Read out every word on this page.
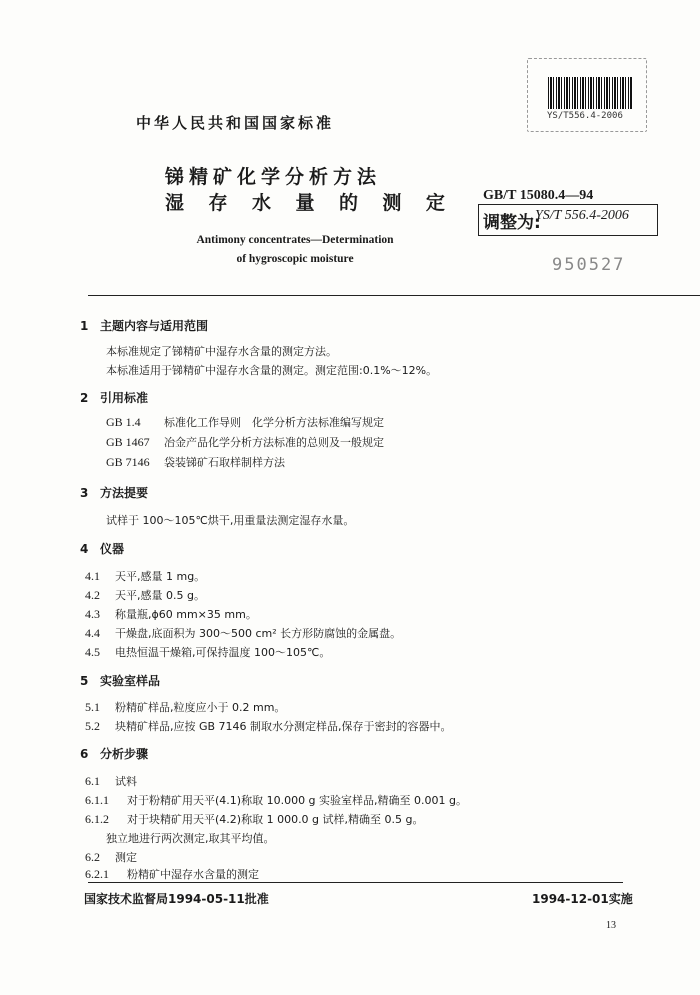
YS/T556.4-2006
中华人民共和国国家标准
锑精矿化学分析方法
湿 存 水 量 的 测 定	GB/T 15080.4—94
调整为:
YS/T 556.4-2006
Antimony concentrates—Determination
of hygroscopic moisture	950527
1 主题内容与适用范围
本标准规定了锑精矿中湿存水含量的测定方法。
本标准适用于锑精矿中湿存水含量的测定。测定范围:0.1%～12%。
2 引用标准
GB 1.4 标准化工作导则　化学分析方法标准编写规定
GB 1467 冶金产品化学分析方法标准的总则及一般规定
GB 7146 袋装锑矿石取样制样方法
3 方法提要
试样于 100～105℃烘干,用重量法测定湿存水量。
4 仪器
4.1 天平,感量 1 mg。
4.2 天平,感量 0.5 g。
4.3 称量瓶,ϕ60 mm×35 mm。
4.4 干燥盘,底面积为 300～500 cm² 长方形防腐蚀的金属盘。
4.5 电热恒温干燥箱,可保持温度 100～105℃。
5 实验室样品
5.1 粉精矿样品,粒度应小于 0.2 mm。
5.2 块精矿样品,应按 GB 7146 制取水分测定样品,保存于密封的容器中。
6 分析步骤
6.1 试料
6.1.1 对于粉精矿用天平(4.1)称取 10.000 g 实验室样品,精确至 0.001 g。
6.1.2 对于块精矿用天平(4.2)称取 1 000.0 g 试样,精确至 0.5 g。
独立地进行两次测定,取其平均值。
6.2 测定
6.2.1 粉精矿中湿存水含量的测定
国家技术监督局1994-05-11批准	1994-12-01实施
13
